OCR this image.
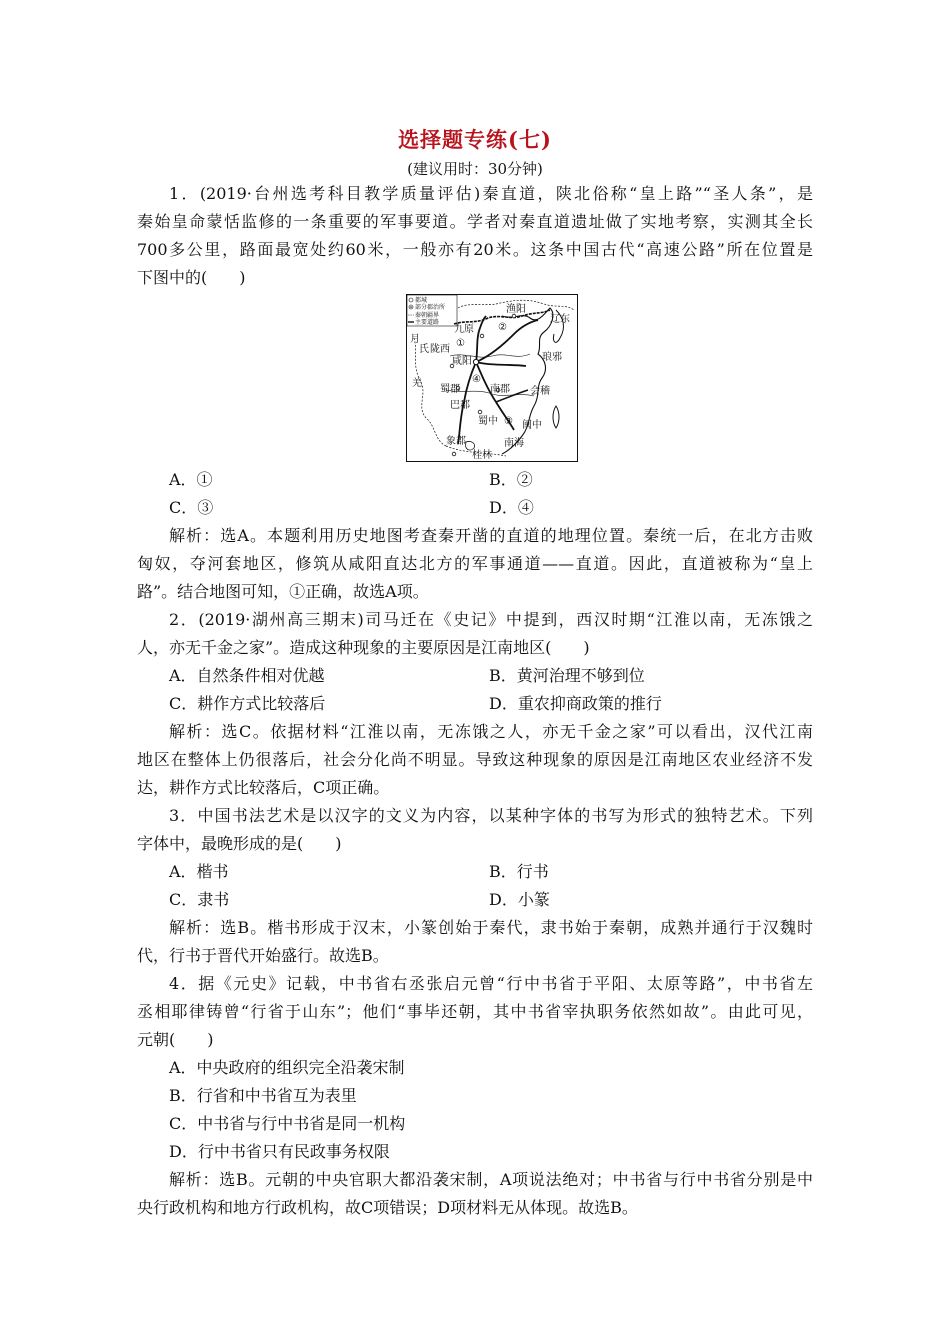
选择题专练(七)
(建议用时：30分钟)
1．(2019·台州选考科目教学质量评估)秦直道，陕北俗称“皇上路”“圣人条”，是
秦始皇命蒙恬监修的一条重要的军事要道。学者对秦直道遗址做了实地考察，实测其全长
700多公里，路面最宽处约60米，一般亦有20米。这条中国古代“高速公路”所在位置是
下图中的(　　)
都城
部分郡治所
秦朝疆界
主要道路
渔阳
辽东
九原
陇西
咸阳	琅邪
月
氏
羌
蜀郡	南郡 会稽
巴郡
蜀中 闽中
象郡	南海
桂林
①
②
③
④
A．①	B．②
C．③	D．④
解析：选A。本题利用历史地图考查秦开凿的直道的地理位置。秦统一后，在北方击败
匈奴，夺河套地区，修筑从咸阳直达北方的军事通道——直道。因此，直道被称为“皇上
路”。结合地图可知，①正确，故选A项。
2．(2019·湖州高三期末)司马迁在《史记》中提到，西汉时期“江淮以南，无冻饿之
人，亦无千金之家”。造成这种现象的主要原因是江南地区(　　)
A．自然条件相对优越	B．黄河治理不够到位
C．耕作方式比较落后	D．重农抑商政策的推行
解析：选C。依据材料“江淮以南，无冻饿之人，亦无千金之家”可以看出，汉代江南
地区在整体上仍很落后，社会分化尚不明显。导致这种现象的原因是江南地区农业经济不发
达，耕作方式比较落后，C项正确。
3．中国书法艺术是以汉字的文义为内容，以某种字体的书写为形式的独特艺术。下列
字体中，最晚形成的是(　　)
A．楷书	B．行书
C．隶书	D．小篆
解析：选B。楷书形成于汉末，小篆创始于秦代，隶书始于秦朝，成熟并通行于汉魏时
代，行书于晋代开始盛行。故选B。
4．据《元史》记载，中书省右丞张启元曾“行中书省于平阳、太原等路”，中书省左
丞相耶律铸曾“行省于山东”；他们“事毕还朝，其中书省宰执职务依然如故”。由此可见，
元朝(　　)
A．中央政府的组织完全沿袭宋制
B．行省和中书省互为表里
C．中书省与行中书省是同一机构
D．行中书省只有民政事务权限
解析：选B。元朝的中央官职大都沿袭宋制，A项说法绝对；中书省与行中书省分别是中
央行政机构和地方行政机构，故C项错误；D项材料无从体现。故选B。
